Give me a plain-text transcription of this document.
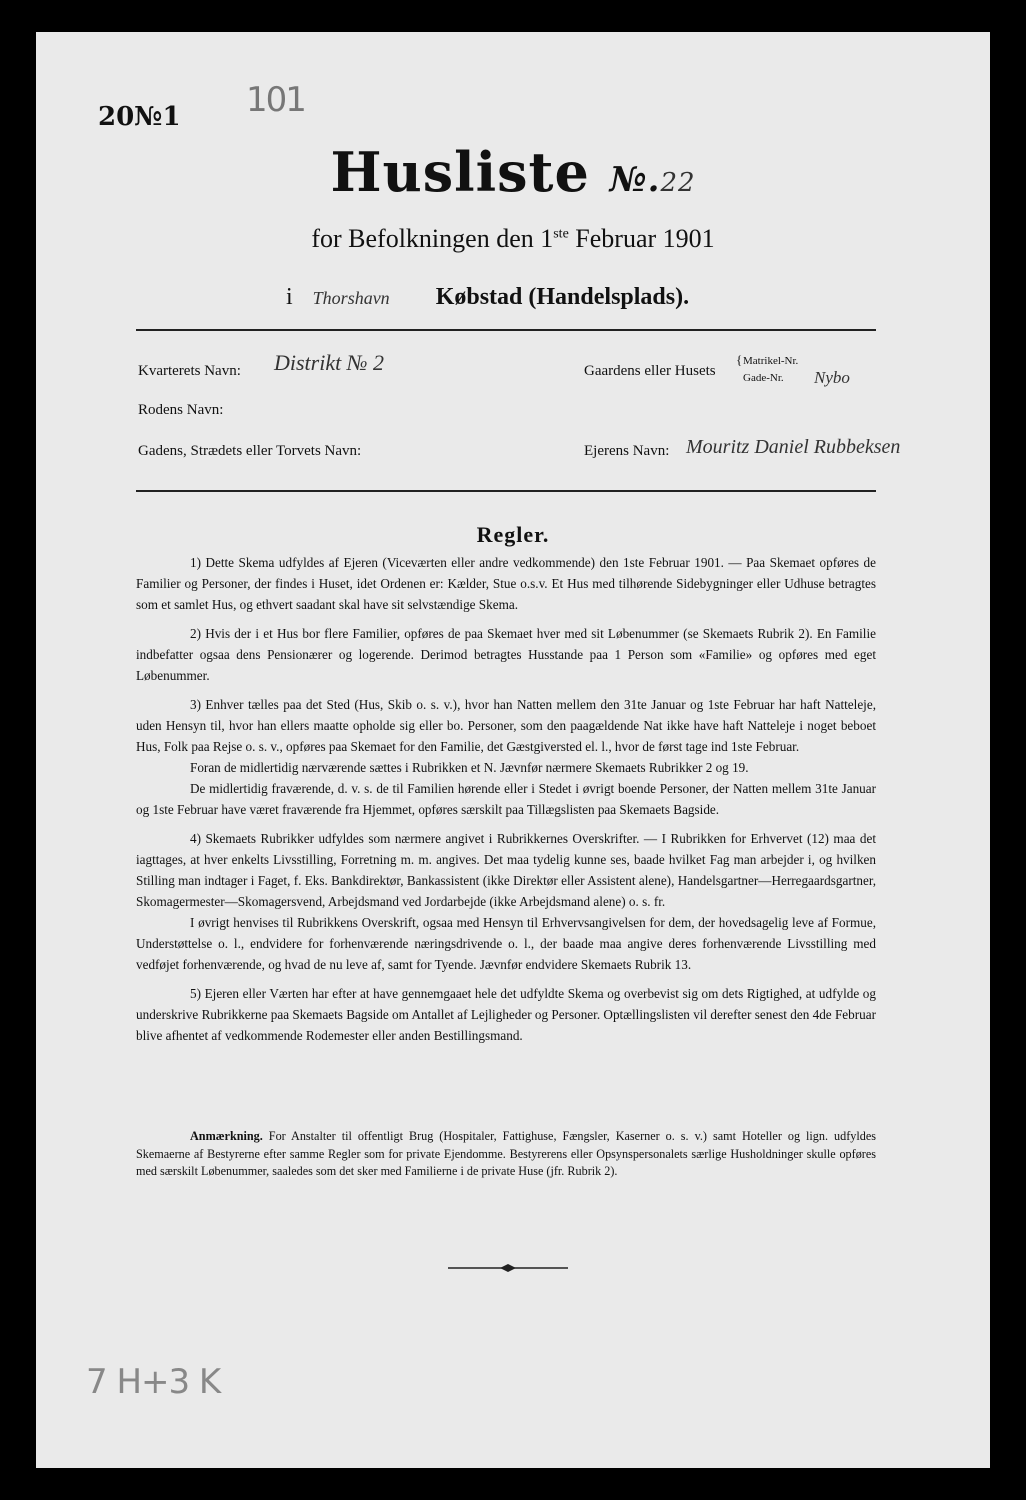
20№1 101
Husliste №.22
for Befolkningen den 1ste Februar 1901
i Thorshavn Købstad (Handelsplads).
Kvarterets Navn: Distrikt № 2	Gaardens eller Husets
{ Matrikel-Nr.
Gade-Nr. Nybo
Rodens Navn:
Gadens, Strædets eller Torvets Navn:	Ejerens Navn: Mouritz Daniel Rubbeksen
Regler.

1) Dette Skema udfyldes af Ejeren (Viceværten eller andre vedkommende) den 1ste Februar 1901. — Paa Skemaet opføres de Familier og Personer, der findes i Huset, idet Ordenen er: Kælder, Stue o.s.v. Et Hus med tilhørende Sidebygninger eller Udhuse betragtes som et samlet Hus, og ethvert saadant skal have sit selvstændige Skema.

2) Hvis der i et Hus bor flere Familier, opføres de paa Skemaet hver med sit Løbenummer (se Skemaets Rubrik 2). En Familie indbefatter ogsaa dens Pensionærer og logerende. Derimod betragtes Husstande paa 1 Person som «Familie» og opføres med eget Løbenummer.

3) Enhver tælles paa det Sted (Hus, Skib o. s. v.), hvor han Natten mellem den 31te Januar og 1ste Februar har haft Natteleje, uden Hensyn til, hvor han ellers maatte opholde sig eller bo. Personer, som den paagældende Nat ikke have haft Natteleje i noget beboet Hus, Folk paa Rejse o. s. v., opføres paa Skemaet for den Familie, det Gæstgiversted el. l., hvor de først tage ind 1ste Februar.

Foran de midlertidig nærværende sættes i Rubrikken et N. Jævnfør nærmere Skemaets Rubrikker 2 og 19.

De midlertidig fraværende, d. v. s. de til Familien hørende eller i Stedet i øvrigt boende Personer, der Natten mellem 31te Januar og 1ste Februar have været fraværende fra Hjemmet, opføres særskilt paa Tillægslisten paa Skemaets Bagside.

4) Skemaets Rubrikker udfyldes som nærmere angivet i Rubrikkernes Overskrifter. — I Rubrikken for Erhvervet (12) maa det iagttages, at hver enkelts Livsstilling, Forretning m. m. angives. Det maa tydelig kunne ses, baade hvilket Fag man arbejder i, og hvilken Stilling man indtager i Faget, f. Eks. Bankdirektør, Bankassistent (ikke Direktør eller Assistent alene), Handelsgartner—Herregaardsgartner, Skomagermester—Skomagersvend, Arbejdsmand ved Jordarbejde (ikke Arbejdsmand alene) o. s. fr.

I øvrigt henvises til Rubrikkens Overskrift, ogsaa med Hensyn til Erhvervsangivelsen for dem, der hovedsagelig leve af Formue, Understøttelse o. l., endvidere for forhenværende næringsdrivende o. l., der baade maa angive deres forhenværende Livsstilling med vedføjet forhenværende, og hvad de nu leve af, samt for Tyende. Jævnfør endvidere Skemaets Rubrik 13.

5) Ejeren eller Værten har efter at have gennemgaaet hele det udfyldte Skema og overbevist sig om dets Rigtighed, at udfylde og underskrive Rubrikkerne paa Skemaets Bagside om Antallet af Lejligheder og Personer. Optællingslisten vil derefter senest den 4de Februar blive afhentet af vedkommende Rodemester eller anden Bestillingsmand.

Anmærkning. For Anstalter til offentligt Brug (Hospitaler, Fattighuse, Fængsler, Kaserner o. s. v.) samt Hoteller og lign. udfyldes Skemaerne af Bestyrerne efter samme Regler som for private Ejendomme. Bestyrerens eller Opsynspersonalets særlige Husholdninger skulle opføres med særskilt Løbenummer, saaledes som det sker med Familierne i de private Huse (jfr. Rubrik 2).

7 H+3 K
